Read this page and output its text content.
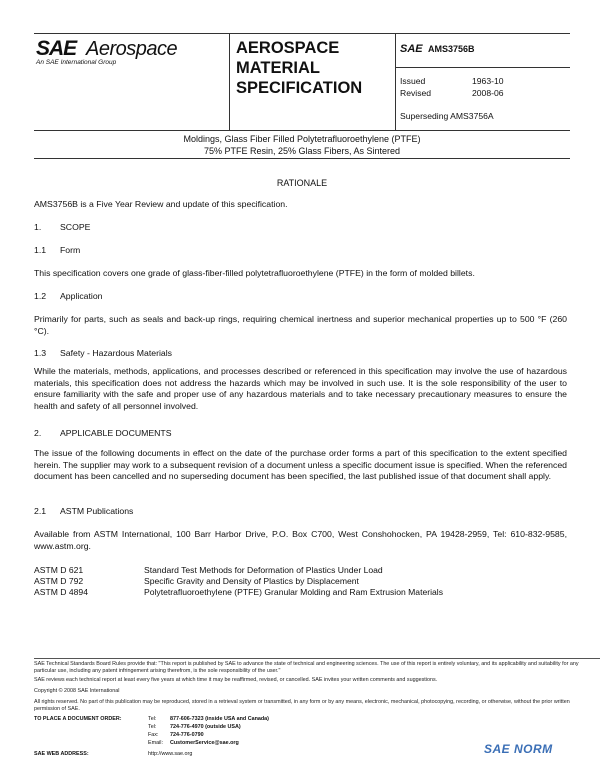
SAE Aerospace
An SAE International Group
AEROSPACE
MATERIAL
SPECIFICATION
SAE AMS3756B
Issued	1963-10
Revised	2008-06
Superseding AMS3756A
Moldings, Glass Fiber Filled Polytetrafluoroethylene (PTFE)
75% PTFE Resin, 25% Glass Fibers, As Sintered
RATIONALE
AMS3756B is a Five Year Review and update of this specification.
1. SCOPE
1.1 Form
This specification covers one grade of glass-fiber-filled polytetrafluoroethylene (PTFE) in the form of molded billets.
1.2 Application
Primarily for parts, such as seals and back-up rings, requiring chemical inertness and superior mechanical properties up to 500 °F (260 °C).
1.3 Safety - Hazardous Materials
While the materials, methods, applications, and processes described or referenced in this specification may involve the use of hazardous materials, this specification does not address the hazards which may be involved in such use. It is the sole responsibility of the user to ensure familiarity with the safe and proper use of any hazardous materials and to take necessary precautionary measures to ensure the health and safety of all personnel involved.
2. APPLICABLE DOCUMENTS
The issue of the following documents in effect on the date of the purchase order forms a part of this specification to the extent specified herein. The supplier may work to a subsequent revision of a document unless a specific document issue is specified. When the referenced document has been cancelled and no superseding document has been specified, the last published issue of that document shall apply.
2.1 ASTM Publications
Available from ASTM International, 100 Barr Harbor Drive, P.O. Box C700, West Conshohocken, PA 19428-2959, Tel: 610-832-9585, www.astm.org.
ASTM D 621	Standard Test Methods for Deformation of Plastics Under Load
ASTM D 792	Specific Gravity and Density of Plastics by Displacement
ASTM D 4894	Polytetrafluoroethylene (PTFE) Granular Molding and Ram Extrusion Materials
SAE Technical Standards Board Rules provide that: "This report is published by SAE to advance the state of technical and engineering sciences. The use of this report is entirely voluntary, and its applicability and suitability for any particular use, including any patent infringement arising therefrom, is the sole responsibility of the user."
SAE reviews each technical report at least every five years at which time it may be reaffirmed, revised, or cancelled. SAE invites your written comments and suggestions.
Copyright © 2008 SAE International
All rights reserved. No part of this publication may be reproduced, stored in a retrieval system or transmitted, in any form or by any means, electronic, mechanical, photocopying, recording, or otherwise, without the prior written permission of SAE.
TO PLACE A DOCUMENT ORDER:	Tel:	877-606-7323 (inside USA and Canada)
Tel:	724-776-4970 (outside USA)
Fax: 724-776-0790
Email: CustomerService@sae.org
SAE WEB ADDRESS:	http://www.sae.org	SAE NORM
